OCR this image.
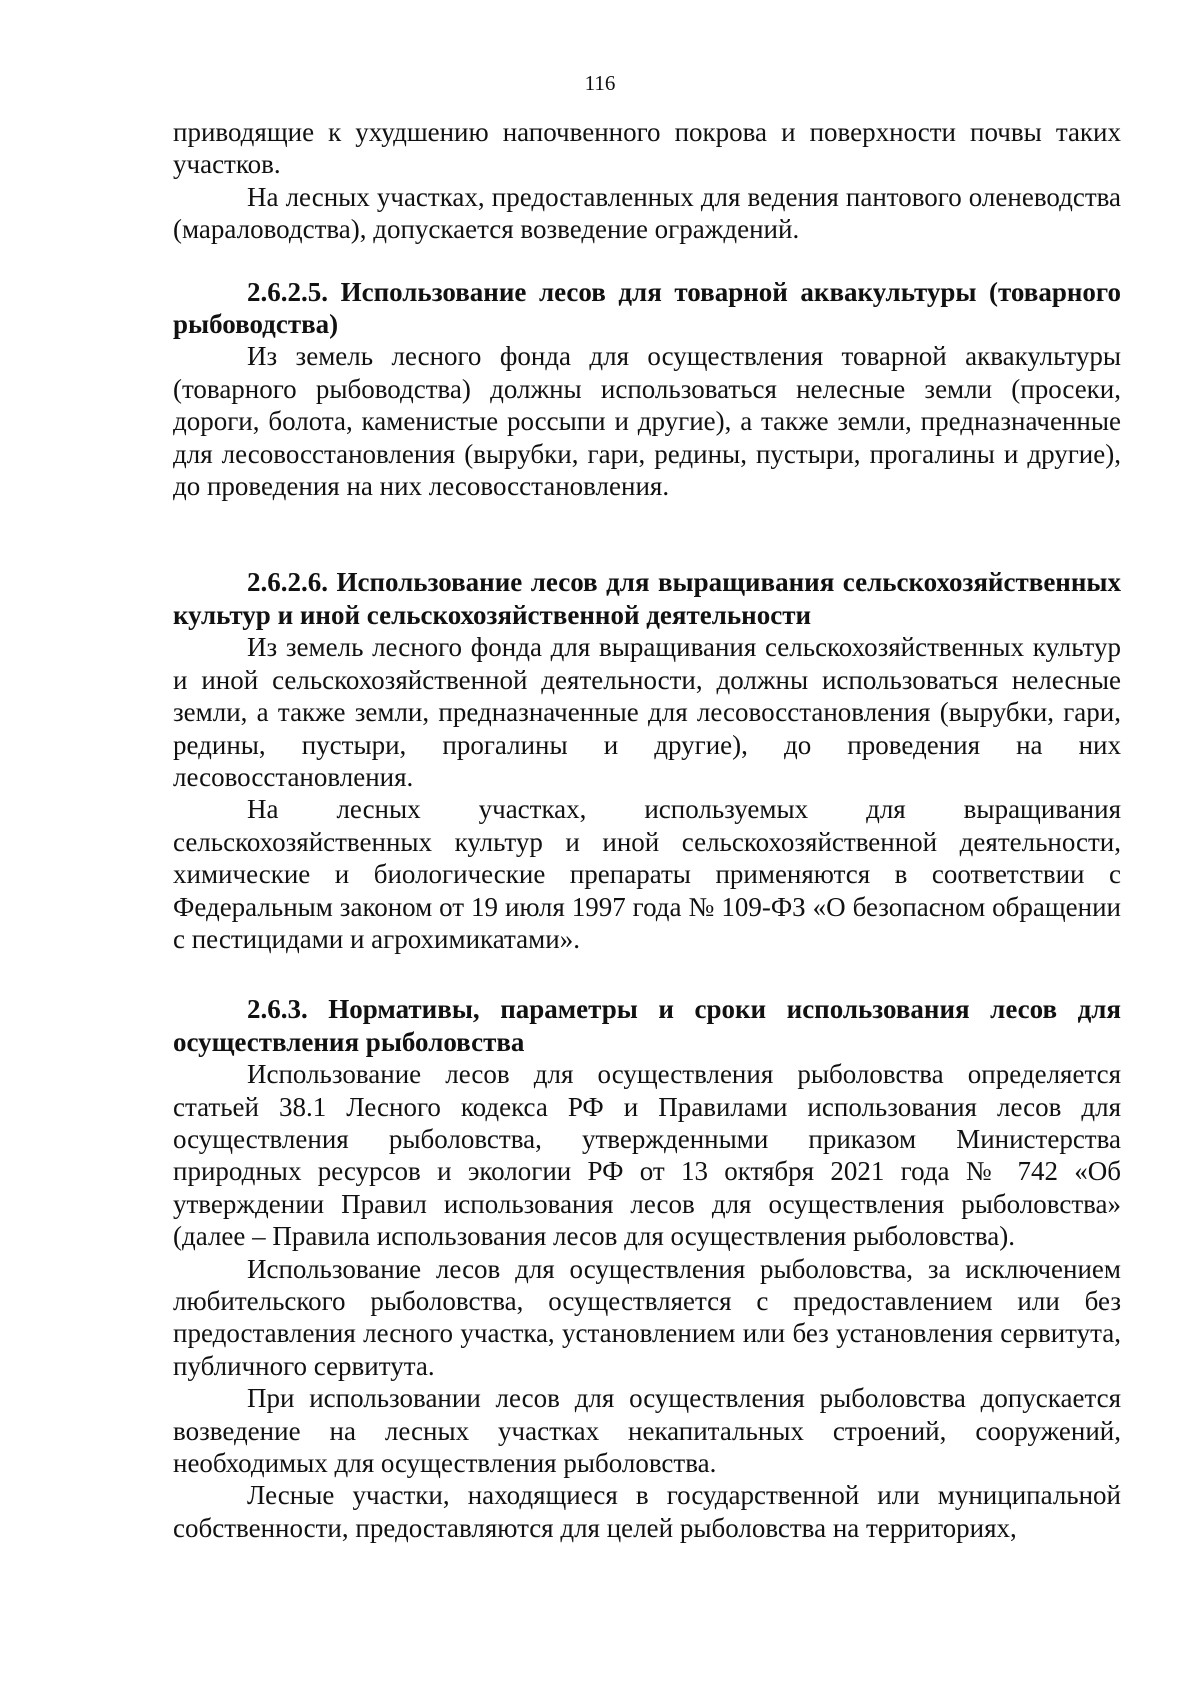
116

приводящие к ухудшению напочвенного покрова и поверхности почвы таких участков.

На лесных участках, предоставленных для ведения пантового оленеводства (мараловодства), допускается возведение ограждений.

2.6.2.5. Использование лесов для товарной аквакультуры (товарного рыбоводства)

Из земель лесного фонда для осуществления товарной аквакультуры (товарного рыбоводства) должны использоваться нелесные земли (просеки, дороги, болота, каменистые россыпи и другие), а также земли, предназначенные для лесовосстановления (вырубки, гари, редины, пустыри, прогалины и другие), до проведения на них лесовосстановления.

2.6.2.6. Использование лесов для выращивания сельскохозяйственных культур и иной сельскохозяйственной деятельности

Из земель лесного фонда для выращивания сельскохозяйственных культур и иной сельскохозяйственной деятельности, должны использоваться нелесные земли, а также земли, предназначенные для лесовосстановления (вырубки, гари, редины, пустыри, прогалины и другие), до проведения на них лесовосстановления.

На лесных участках, используемых для выращивания сельскохозяйственных культур и иной сельскохозяйственной деятельности, химические и биологические препараты применяются в соответствии с Федеральным законом от 19 июля 1997 года № 109-ФЗ «О безопасном обращении с пестицидами и агрохимикатами».

2.6.3. Нормативы, параметры и сроки использования лесов для осуществления рыболовства

Использование лесов для осуществления рыболовства определяется статьей 38.1 Лесного кодекса РФ и Правилами использования лесов для осуществления рыболовства, утвержденными приказом Министерства природных ресурсов и экологии РФ от 13 октября 2021 года № 742 «Об утверждении Правил использования лесов для осуществления рыболовства» (далее – Правила использования лесов для осуществления рыболовства).

Использование лесов для осуществления рыболовства, за исключением любительского рыболовства, осуществляется с предоставлением или без предоставления лесного участка, установлением или без установления сервитута, публичного сервитута.

При использовании лесов для осуществления рыболовства допускается возведение на лесных участках некапитальных строений, сооружений, необходимых для осуществления рыболовства.

Лесные участки, находящиеся в государственной или муниципальной собственности, предоставляются для целей рыболовства на территориях,
